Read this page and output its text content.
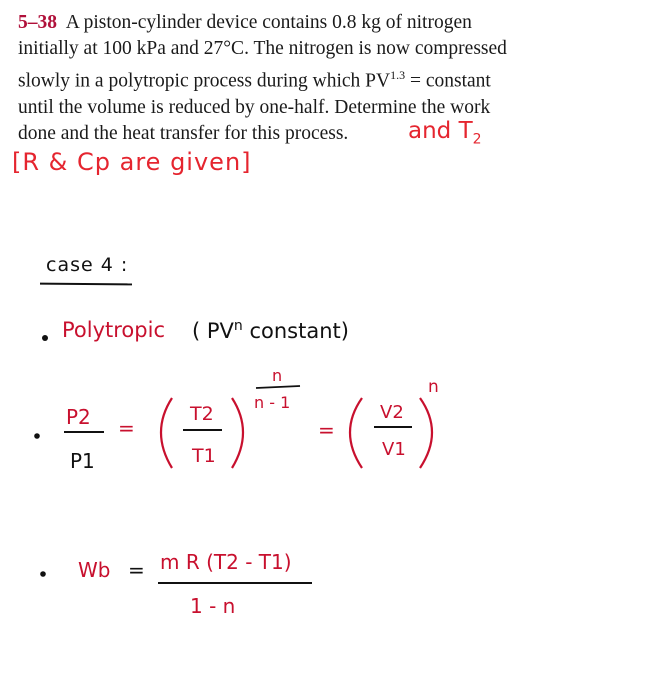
5–38 A piston-cylinder device contains 0.8 kg of nitrogen
initially at 100 kPa and 27°C. The nitrogen is now compressed
slowly in a polytropic process during which $PV^{1.3}$ = constant
until the volume is reduced by one-half. Determine the work
done and the heat transfer for this process.	and $T_2$
[R & Cp are given]
case 4 :
Polytropic ( $PV^n$ constant)
P2
P1
=
T2
T1
n
n - 1
=
V2
V1
n
Wb = m R (T2 - T1)
1 - n
